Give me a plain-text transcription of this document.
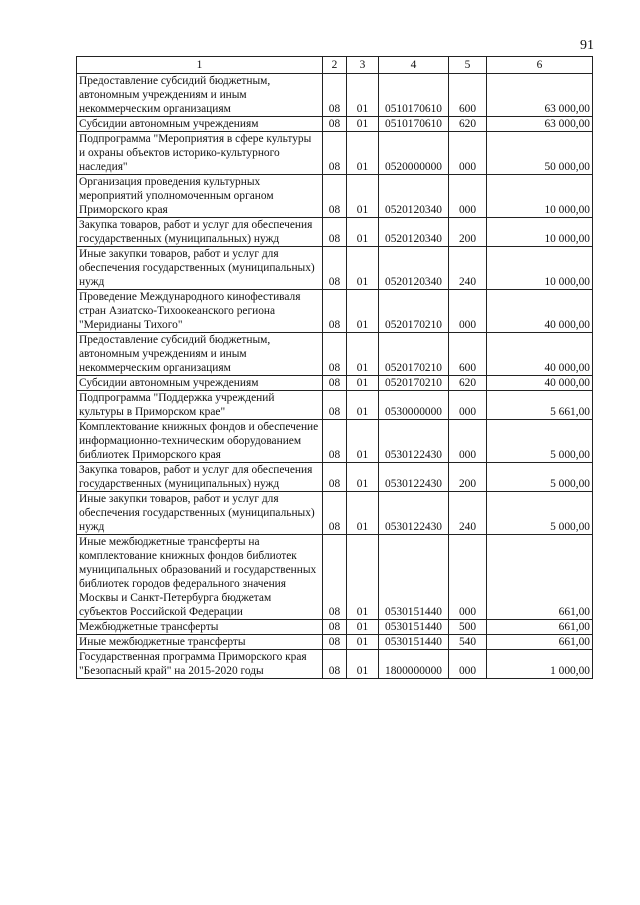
91
1	2	3	4	5	6
Предоставление субсидий бюджетным, автономным учреждениям и иным некоммерческим организациям	08	01	0510170610	600	63 000,00
Субсидии автономным учреждениям	08	01	0510170610	620	63 000,00
Подпрограмма "Мероприятия в сфере культуры и охраны объектов историко-культурного наследия"	08	01	0520000000	000	50 000,00
Организация проведения культурных мероприятий уполномоченным органом Приморского края	08	01	0520120340	000	10 000,00
Закупка товаров, работ и услуг для обеспечения государственных (муниципальных) нужд	08	01	0520120340	200	10 000,00
Иные закупки товаров, работ и услуг для обеспечения государственных (муниципальных) нужд	08	01	0520120340	240	10 000,00
Проведение Международного кинофестиваля стран Азиатско-Тихоокеанского региона "Меридианы Тихого"	08	01	0520170210	000	40 000,00
Предоставление субсидий бюджетным, автономным учреждениям и иным некоммерческим организациям	08	01	0520170210	600	40 000,00
Субсидии автономным учреждениям	08	01	0520170210	620	40 000,00
Подпрограмма "Поддержка учреждений культуры в Приморском крае"	08	01	0530000000	000	5 661,00
Комплектование книжных фондов и обеспечение информационно-техническим оборудованием библиотек Приморского края	08	01	0530122430	000	5 000,00
Закупка товаров, работ и услуг для обеспечения государственных (муниципальных) нужд	08	01	0530122430	200	5 000,00
Иные закупки товаров, работ и услуг для обеспечения государственных (муниципальных) нужд	08	01	0530122430	240	5 000,00
Иные межбюджетные трансферты на комплектование книжных фондов библиотек муниципальных образований и государственных библиотек городов федерального значения Москвы и Санкт-Петербурга бюджетам субъектов Российской Федерации	08	01	0530151440	000	661,00
Межбюджетные трансферты	08	01	0530151440	500	661,00
Иные межбюджетные трансферты	08	01	0530151440	540	661,00
Государственная программа Приморского края "Безопасный край" на 2015-2020 годы	08	01	1800000000	000	1 000,00
